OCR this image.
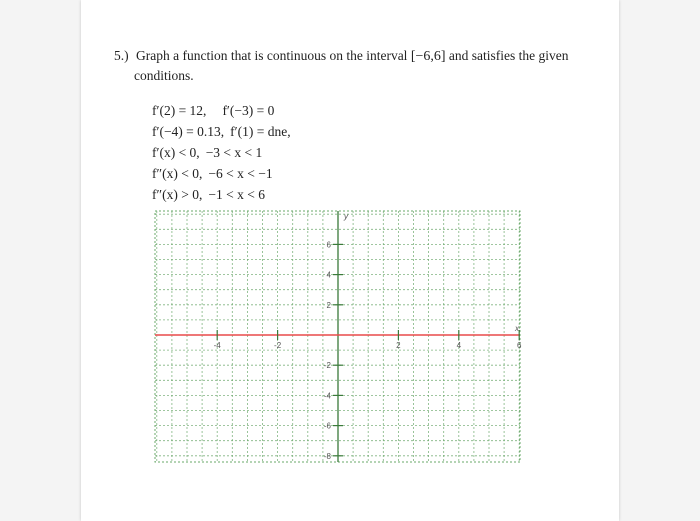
5.) Graph a function that is continuous on the interval [−6,6] and satisfies the given
conditions.
f′(2) = 12, f′(−3) = 0
f′(−4) = 0.13, f′(1) = dne,
f′(x) < 0, −3 < x < 1
f″(x) < 0, −6 < x < −1
f″(x) > 0, −1 < x < 6
-4	-2	2	4	6
6
4
2
-2
-4
-6
-8
x
y
